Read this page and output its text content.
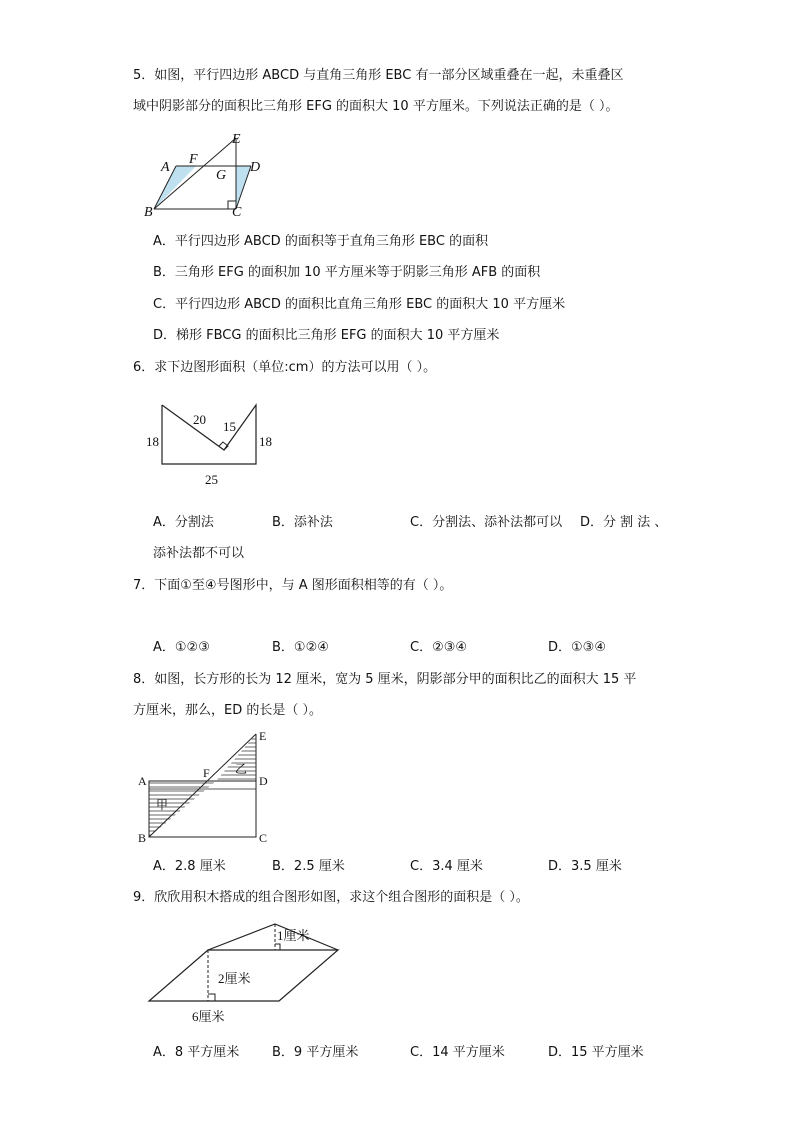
5．如图，平行四边形 ABCD 与直角三角形 EBC 有一部分区域重叠在一起，未重叠区
域中阴影部分的面积比三角形 EFG 的面积大 10 平方厘米。下列说法正确的是（ ）。
A
F
E
D
G
B	C
A．平行四边形 ABCD 的面积等于直角三角形 EBC 的面积
B．三角形 EFG 的面积加 10 平方厘米等于阴影三角形 AFB 的面积
C．平行四边形 ABCD 的面积比直角三角形 EBC 的面积大 10 平方厘米
D．梯形 FBCG 的面积比三角形 EFG 的面积大 10 平方厘米
6．求下边图形面积（单位:cm）的方法可以用（ ）。
18	18
20 15
25
A．分割法	B．添补法	C．分割法、添补法都可以 D．分 割 法 、
添补法都不可以
7．下面①至④号图形中，与 A 图形面积相等的有（ ）。
A．①②③	B．①②④	C．②③④	D．①③④
8．如图，长方形的长为 12 厘米，宽为 5 厘米，阴影部分甲的面积比乙的面积大 15 平
方厘米，那么，ED 的长是（ ）。
E
A
F
D
B	C
甲
乙
A．2.8 厘米	B．2.5 厘米	C．3.4 厘米	D．3.5 厘米
9．欣欣用积木搭成的组合图形如图，求这个组合图形的面积是（ ）。
1厘米
2厘米
6厘米
A．8 平方厘米	B．9 平方厘米	C．14 平方厘米	D．15 平方厘米
